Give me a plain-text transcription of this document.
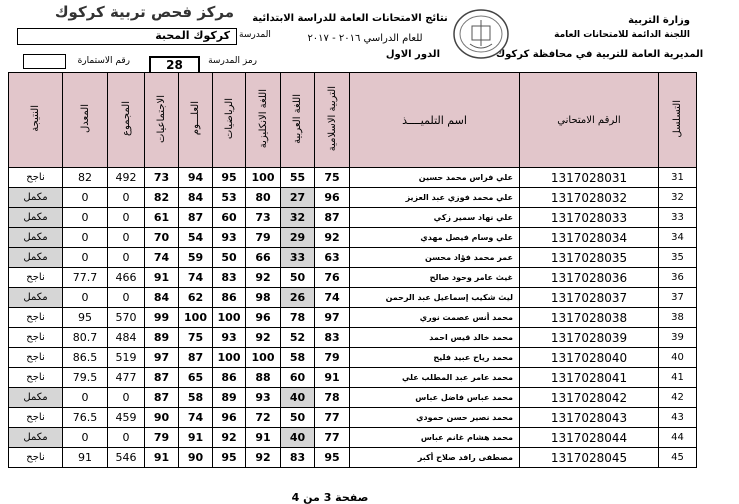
مركز فحص تربية كركوك
كركوك المحبة المدرسة
رقم الاستمارة	28	رمز المدرسة
نتائج الامتحانات العامة للدراسة الابتدائية
للعام الدراسي ٢٠١٦ - ٢٠١٧
الدور الاول
وزارة التربية
اللجنة الدائمة للامتحانات العامة
المديرية العامة للتربية في محافظة كركوك
النتيجة	المعدل	المجموع	الاجتماعيات	العلـــوم	الرياضيات	اللغة الانكليزية	اللغة العربية	التربية الاسلامية	اسم التلميــــذ	الرقم الامتحاني	التسلسل
ناجح	82	492	73	94	95	100	55	75	علي فراس محمد حسين	1317028031	31
مكمل	0	0	82	84	53	80	27	96	علي محمد فوزي عبد العزيز	1317028032	32
مكمل	0	0	61	87	60	73	32	87	علي نهاد سمير زكي	1317028033	33
مكمل	0	0	70	54	93	79	29	92	علي وسام فيصل مهدي	1317028034	34
مكمل	0	0	74	59	50	66	33	63	عمر محمد فؤاد محسن	1317028035	35
ناجح	77.7	466	91	74	83	92	50	76	غيث عامر وحود صالح	1317028036	36
مكمل	0	0	84	62	86	98	26	74	ليث شكيب إسماعيل عبد الرحمن	1317028037	37
ناجح	95	570	99	100	100	96	78	97	محمد أنس عصمت نوري	1317028038	38
ناجح	80.7	484	89	75	93	92	52	83	محمد خالد قيس احمد	1317028039	39
ناجح	86.5	519	97	87	100	100	58	79	محمد رياح عبيد فليح	1317028040	40
ناجح	79.5	477	87	65	86	88	60	91	محمد عامر عبد المطلب علي	1317028041	41
مكمل	0	0	87	58	89	93	40	78	محمد عباس فاضل عباس	1317028042	42
ناجح	76.5	459	90	74	96	72	50	77	محمد نصير حسن حمودي	1317028043	43
مكمل	0	0	79	91	92	91	40	77	محمد هشام غانم عباس	1317028044	44
ناجح	91	546	91	90	95	92	83	95	مصطفى رافد صلاح أكبر	1317028045	45
صفحة 3 من 4
